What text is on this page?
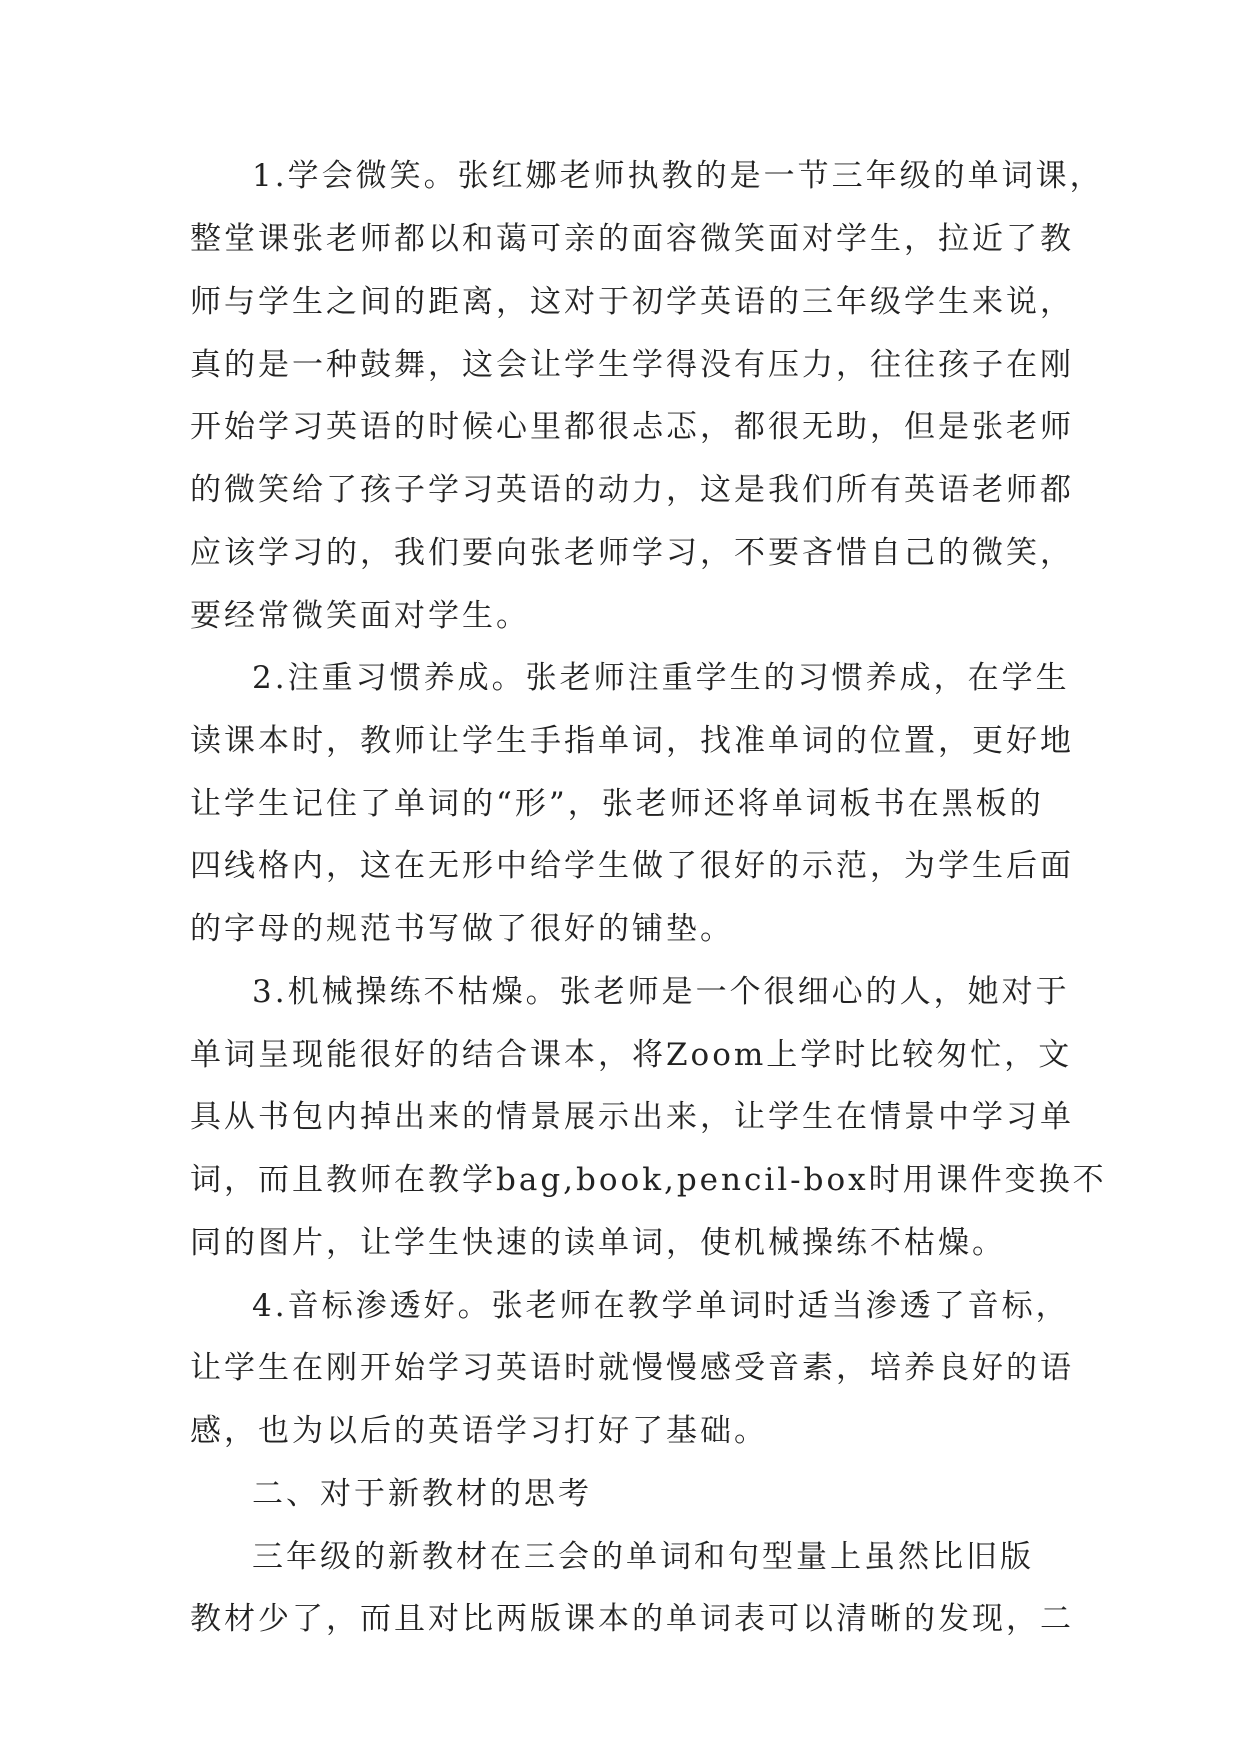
1.学会微笑。张红娜老师执教的是一节三年级的单词课，
整堂课张老师都以和蔼可亲的面容微笑面对学生，拉近了教
师与学生之间的距离，这对于初学英语的三年级学生来说，
真的是一种鼓舞，这会让学生学得没有压力，往往孩子在刚
开始学习英语的时候心里都很忐忑，都很无助，但是张老师
的微笑给了孩子学习英语的动力，这是我们所有英语老师都
应该学习的，我们要向张老师学习，不要吝惜自己的微笑，
要经常微笑面对学生。
2.注重习惯养成。张老师注重学生的习惯养成，在学生
读课本时，教师让学生手指单词，找准单词的位置，更好地
让学生记住了单词的“形”，张老师还将单词板书在黑板的
四线格内，这在无形中给学生做了很好的示范，为学生后面
的字母的规范书写做了很好的铺垫。
3.机械操练不枯燥。张老师是一个很细心的人，她对于
单词呈现能很好的结合课本，将Zoom上学时比较匆忙，文
具从书包内掉出来的情景展示出来，让学生在情景中学习单
词，而且教师在教学bag,book,pencil-box时用课件变换不
同的图片，让学生快速的读单词，使机械操练不枯燥。
4.音标渗透好。张老师在教学单词时适当渗透了音标，
让学生在刚开始学习英语时就慢慢感受音素，培养良好的语
感，也为以后的英语学习打好了基础。
二、对于新教材的思考
三年级的新教材在三会的单词和句型量上虽然比旧版
教材少了，而且对比两版课本的单词表可以清晰的发现，二
